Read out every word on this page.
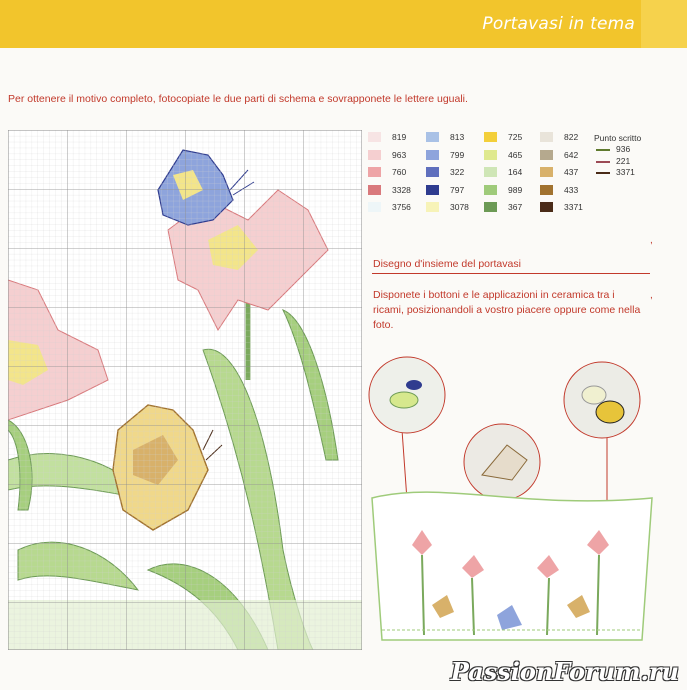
Portavasi in tema
Per ottenere il motivo completo, fotocopiate le due parti di schema e sovrapponete le lettere uguali.
819
963
760
3328
3756
813
799
322
797
3078
725
465
164
989
367
822
642
437
433
3371
Punto scritto
936
221
3371
Disegno d'insieme del portavasi
Disponete i bottoni e le applicazioni in ceramica tra i ricami, posizionandoli a vostro piacere oppure come nella foto.
,
,
PassionForum.ru
